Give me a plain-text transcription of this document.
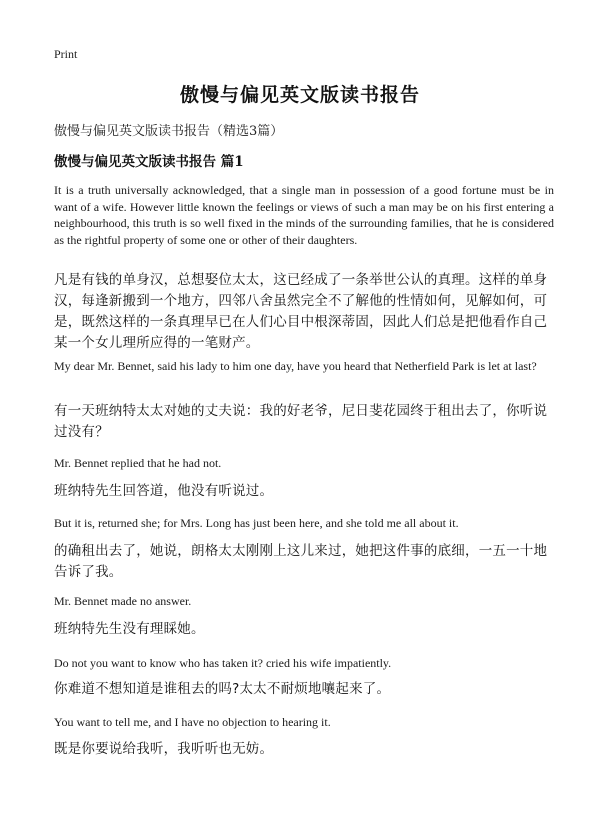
Print
傲慢与偏见英文版读书报告
傲慢与偏见英文版读书报告（精选3篇）
傲慢与偏见英文版读书报告 篇1
It is a truth universally acknowledged, that a single man in possession of a good fortune must be in want of a wife. However little known the feelings or views of such a man may be on his first entering a neighbourhood, this truth is so well fixed in the minds of the surrounding families, that he is considered as the rightful property of some one or other of their daughters.
凡是有钱的单身汉，总想娶位太太，这已经成了一条举世公认的真理。这样的单身汉，每逢新搬到一个地方，四邻八舍虽然完全不了解他的性情如何，见解如何，可是，既然这样的一条真理早已在人们心目中根深蒂固，因此人们总是把他看作自己某一个女儿理所应得的一笔财产。
My dear Mr. Bennet, said his lady to him one day, have you heard that Netherfield Park is let at last?
有一天班纳特太太对她的丈夫说：我的好老爷，尼日斐花园终于租出去了，你听说过没有？
Mr. Bennet replied that he had not.
班纳特先生回答道，他没有听说过。
But it is, returned she; for Mrs. Long has just been here, and she told me all about it.
的确租出去了，她说，朗格太太刚刚上这儿来过，她把这件事的底细，一五一十地告诉了我。
Mr. Bennet made no answer.
班纳特先生没有理睬她。
Do not you want to know who has taken it? cried his wife impatiently.
你难道不想知道是谁租去的吗?太太不耐烦地嚷起来了。
You want to tell me, and I have no objection to hearing it.
既是你要说给我听，我听听也无妨。
